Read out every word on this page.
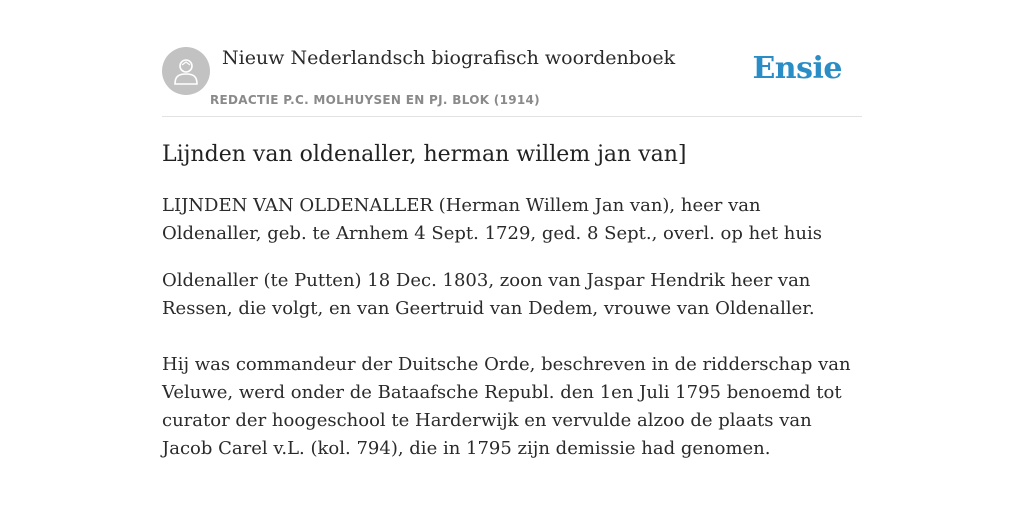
Nieuw Nederlandsch biografisch woordenboek
REDACTIE P.C. MOLHUYSEN EN PJ. BLOK (1914)
Ensie
Lijnden van oldenaller, herman willem jan van]

LIJNDEN VAN OLDENALLER (Herman Willem Jan van), heer van Oldenaller, geb. te Arnhem 4 Sept. 1729, ged. 8 Sept., overl. op het huis

Oldenaller (te Putten) 18 Dec. 1803, zoon van Jaspar Hendrik heer van Ressen, die volgt, en van Geertruid van Dedem, vrouwe van Oldenaller.

Hij was commandeur der Duitsche Orde, beschreven in de ridderschap van Veluwe, werd onder de Bataafsche Republ. den 1en Juli 1795 benoemd tot curator der hoogeschool te Harderwijk en vervulde alzoo de plaats van Jacob Carel v.L. (kol. 794), die in 1795 zijn demissie had genomen.
